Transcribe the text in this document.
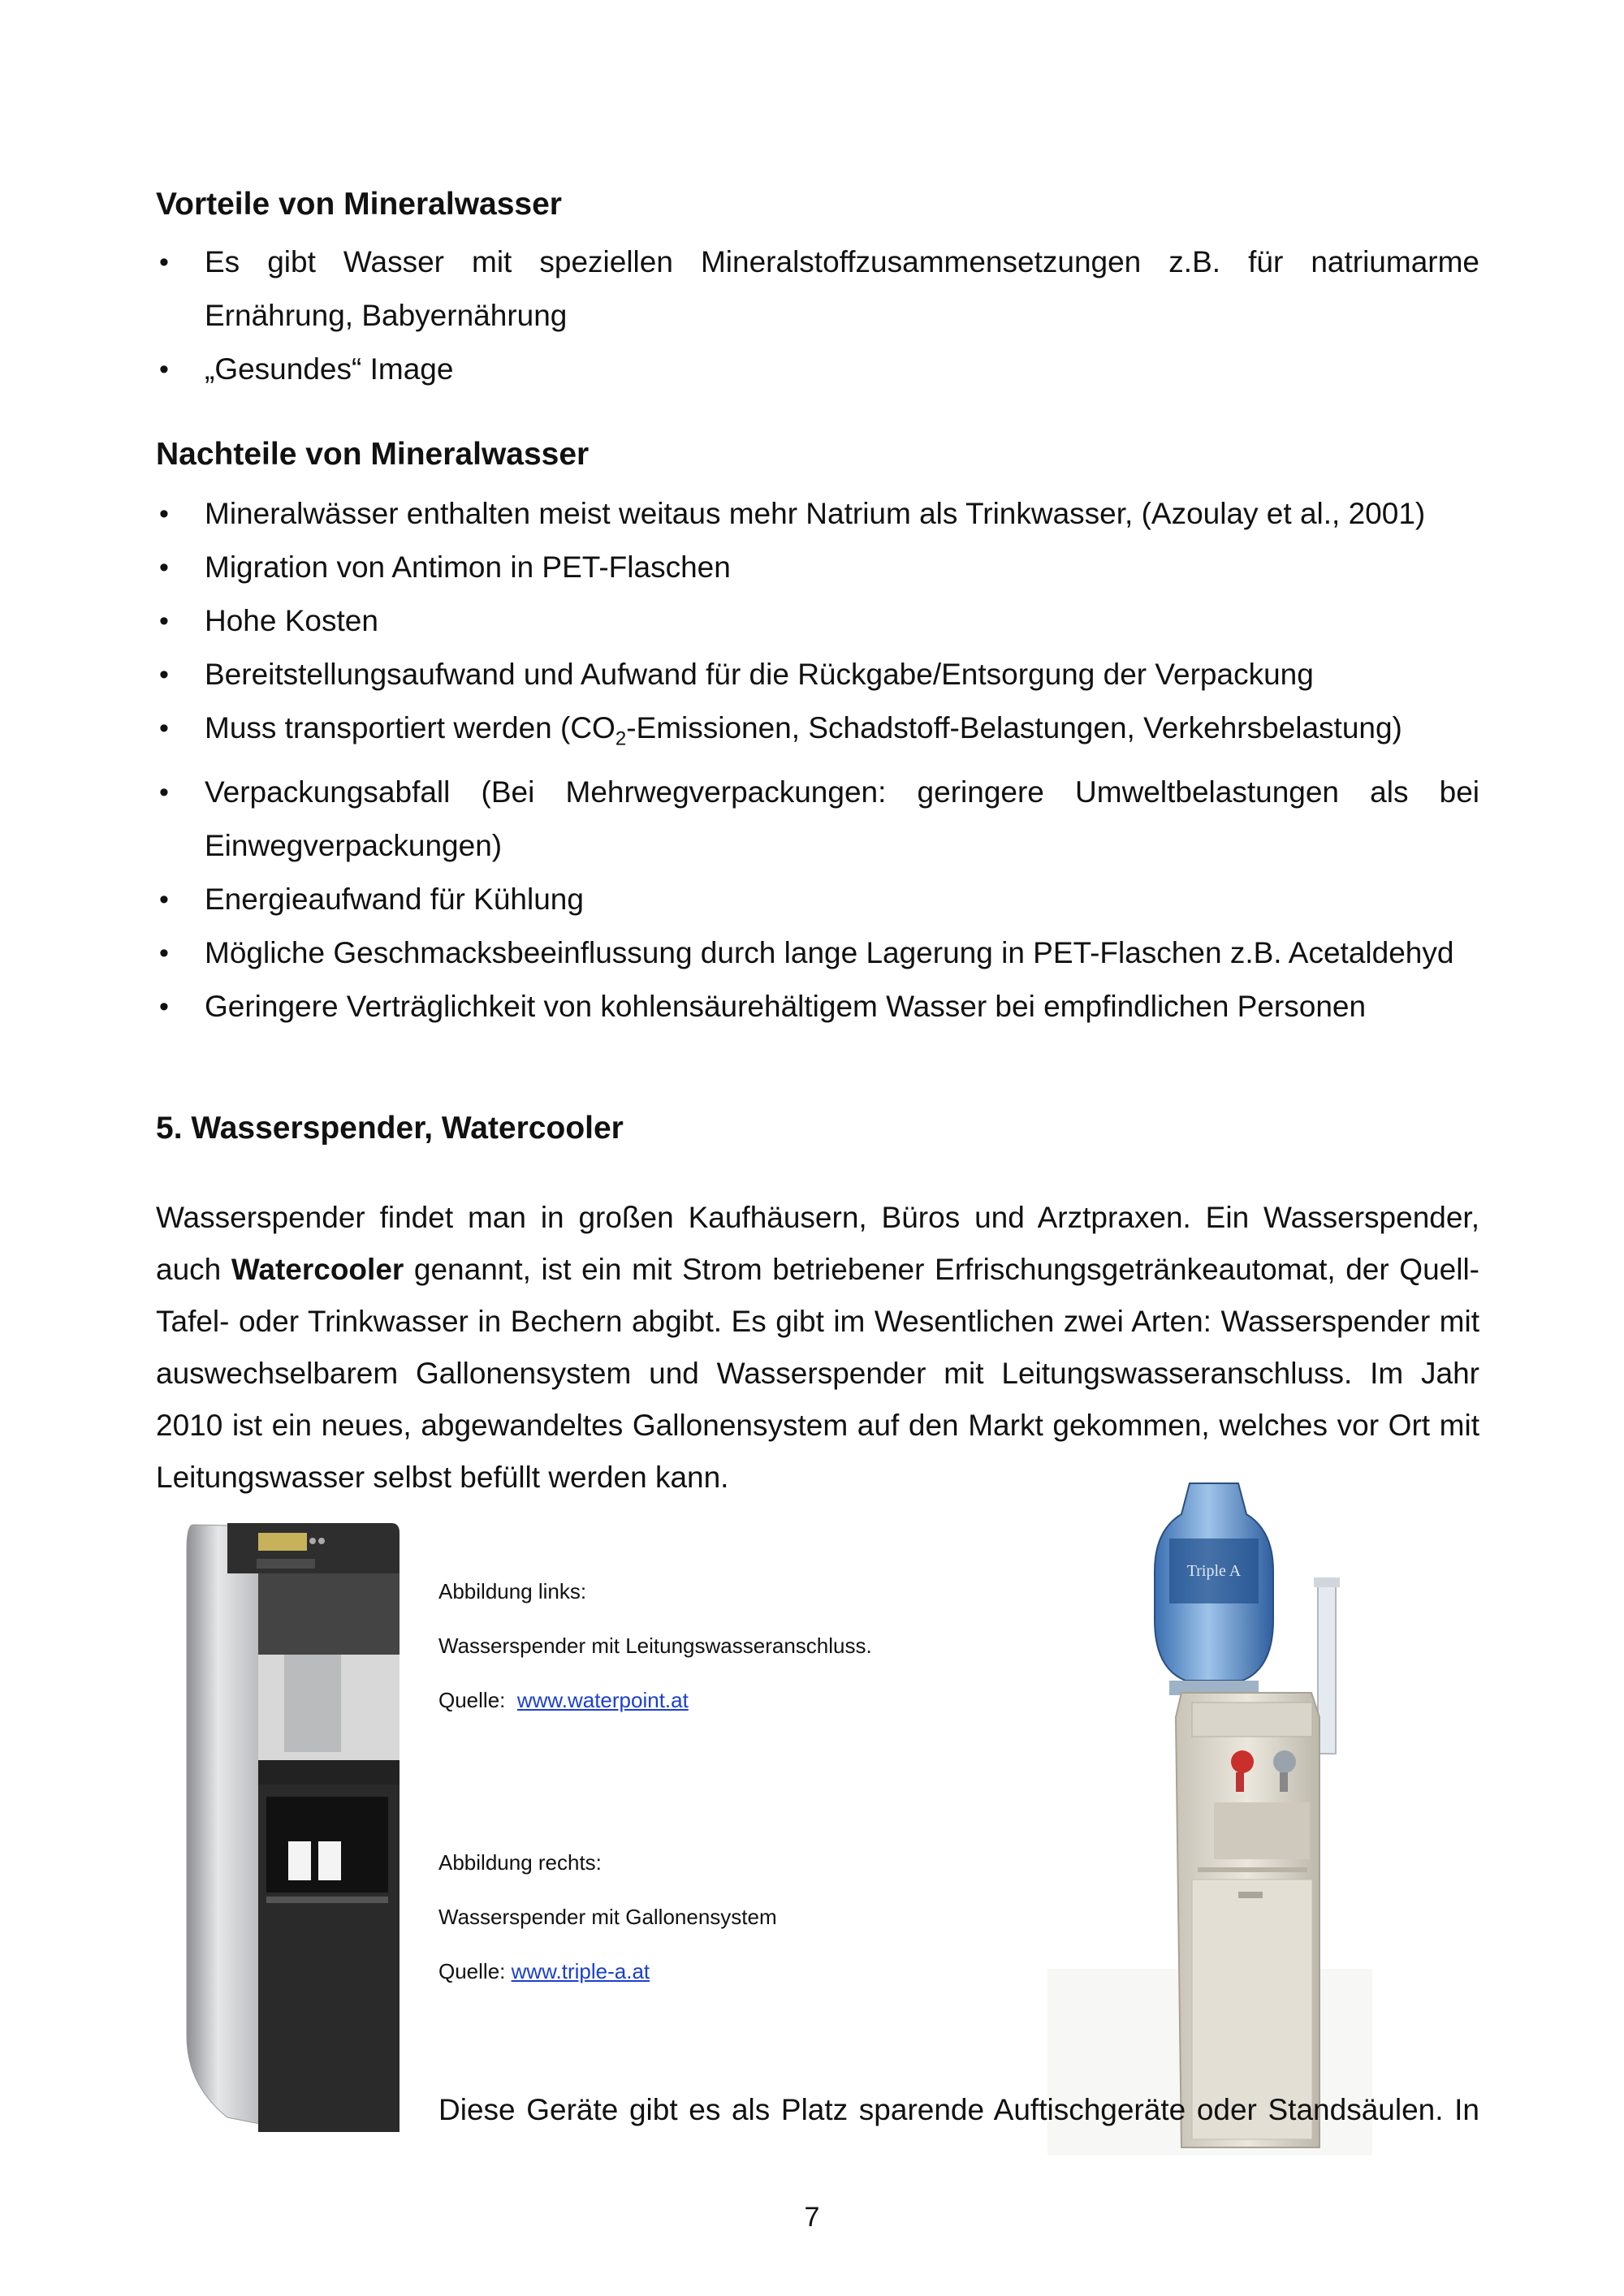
Vorteile von Mineralwasser
• Es gibt Wasser mit speziellen Mineralstoffzusammensetzungen z.B. für natriumarme Ernährung, Babyernährung
• „Gesundes“ Image
Nachteile von Mineralwasser
• Mineralwässer enthalten meist weitaus mehr Natrium als Trinkwasser, (Azoulay et al., 2001)
• Migration von Antimon in PET-Flaschen
• Hohe Kosten
• Bereitstellungsaufwand und Aufwand für die Rückgabe/Entsorgung der Verpackung
• Muss transportiert werden ($CO_2$-Emissionen, Schadstoff-Belastungen, Verkehrsbelastung)
• Verpackungsabfall (Bei Mehrwegverpackungen: geringere Umweltbelastungen als bei Einwegverpackungen)
• Energieaufwand für Kühlung
• Mögliche Geschmacksbeeinflussung durch lange Lagerung in PET-Flaschen z.B. Acetaldehyd
• Geringere Verträglichkeit von kohlensäurehältigem Wasser bei empfindlichen Personen
5. Wasserspender, Watercooler

Wasserspender findet man in großen Kaufhäusern, Büros und Arztpraxen. Ein Wasserspender, auch Watercooler genannt, ist ein mit Strom betriebener Erfrischungsgetränkeautomat, der Quell-Tafel- oder Trinkwasser in Bechern abgibt. Es gibt im Wesentlichen zwei Arten: Wasserspender mit auswechselbarem Gallonensystem und Wasserspender mit Leitungswasseranschluss. Im Jahr 2010 ist ein neues, abgewandeltes Gallonensystem auf den Markt gekommen, welches vor Ort mit Leitungswasser selbst befüllt werden kann.

Abbildung links:

Wasserspender mit Leitungswasseranschluss.

Quelle: www.waterpoint.at

Abbildung rechts:

Wasserspender mit Gallonensystem

Quelle: www.triple-a.at

Triple A

Diese Geräte gibt es als Platz sparende Auftischgeräte oder Standsäulen. In

7
